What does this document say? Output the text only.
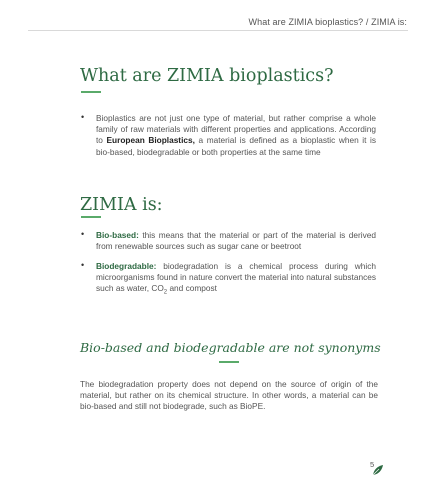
What are ZIMIA bioplastics? / ZIMIA is:
What are ZIMIA bioplastics?
• Bioplastics are not just one type of material, but rather comprise a whole family of raw materials with different properties and applications. According to European Bioplastics, a material is defined as a bioplastic when it is bio-based, biodegradable or both properties at the same time
ZIMIA is:
• Bio-based: this means that the material or part of the material is derived from renewable sources such as sugar cane or beetroot
• Biodegradable: biodegradation is a chemical process during which microorganisms found in nature convert the material into natural substances such as water, $CO_2$ and compost
Bio-based and biodegradable are not synonyms
The biodegradation property does not depend on the source of origin of the material, but rather on its chemical structure. In other words, a material can be bio-based and still not biodegrade, such as BioPE.
5
